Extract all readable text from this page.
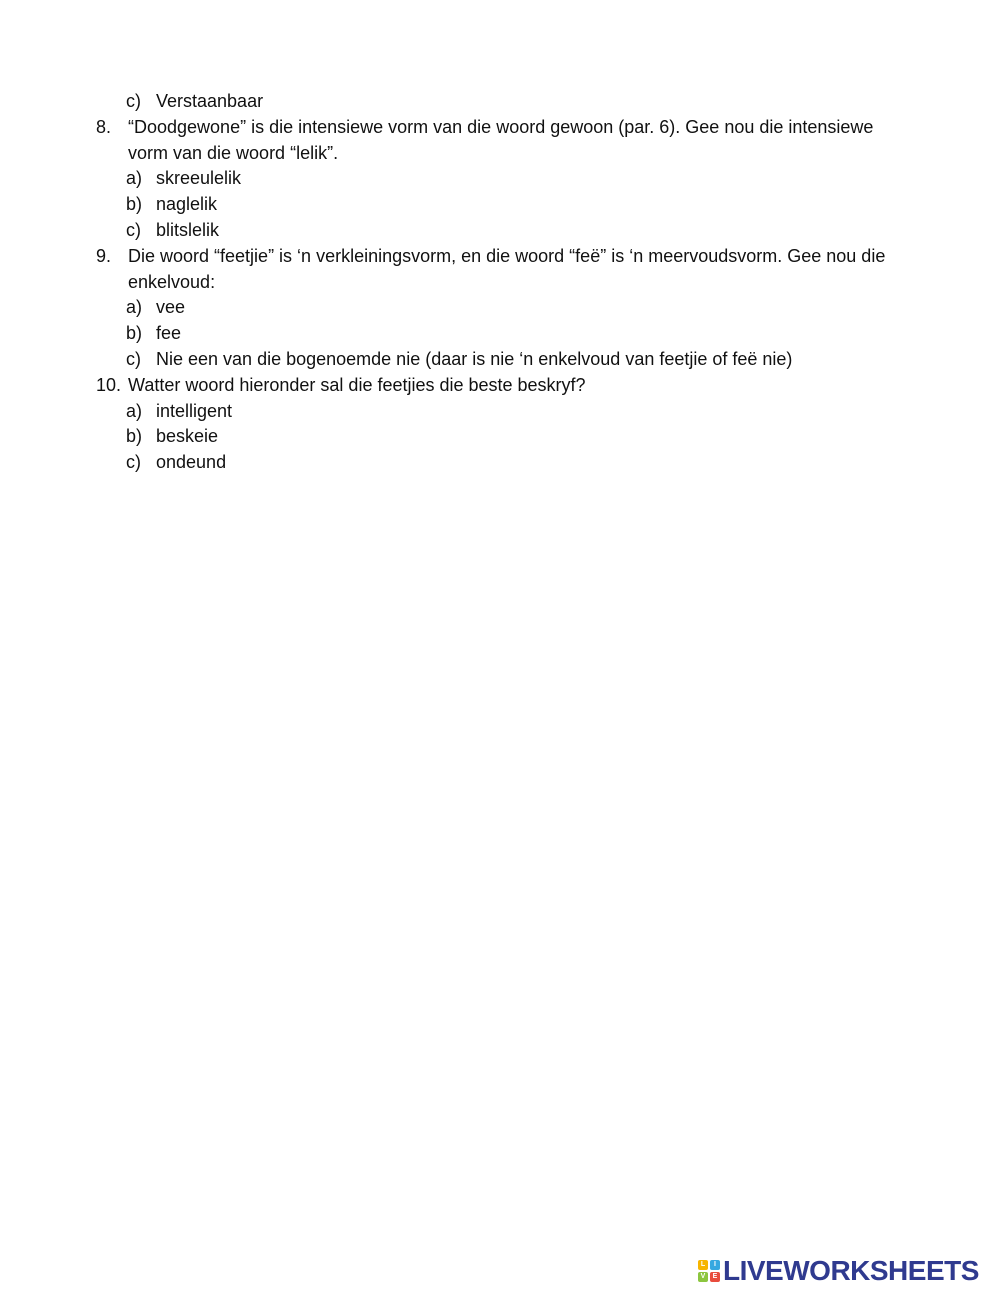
c) Verstaanbaar
8. “Doodgewone” is die intensiewe vorm van die woord gewoon (par. 6). Gee nou die intensiewe vorm van die woord “lelik”.
a) skreeulelik
b) naglelik
c) blitslelik
9. Die woord “feetjie” is ‘n verkleiningsvorm, en die woord “feë” is ‘n meervoudsvorm. Gee nou die enkelvoud:
a) vee
b) fee
c) Nie een van die bogenoemde nie (daar is nie ‘n enkelvoud van feetjie of feë nie)
10. Watter woord hieronder sal die feetjies die beste beskryf?
a) intelligent
b) beskeie
c) ondeund
L	I
V	E LIVEWORKSHEETS
